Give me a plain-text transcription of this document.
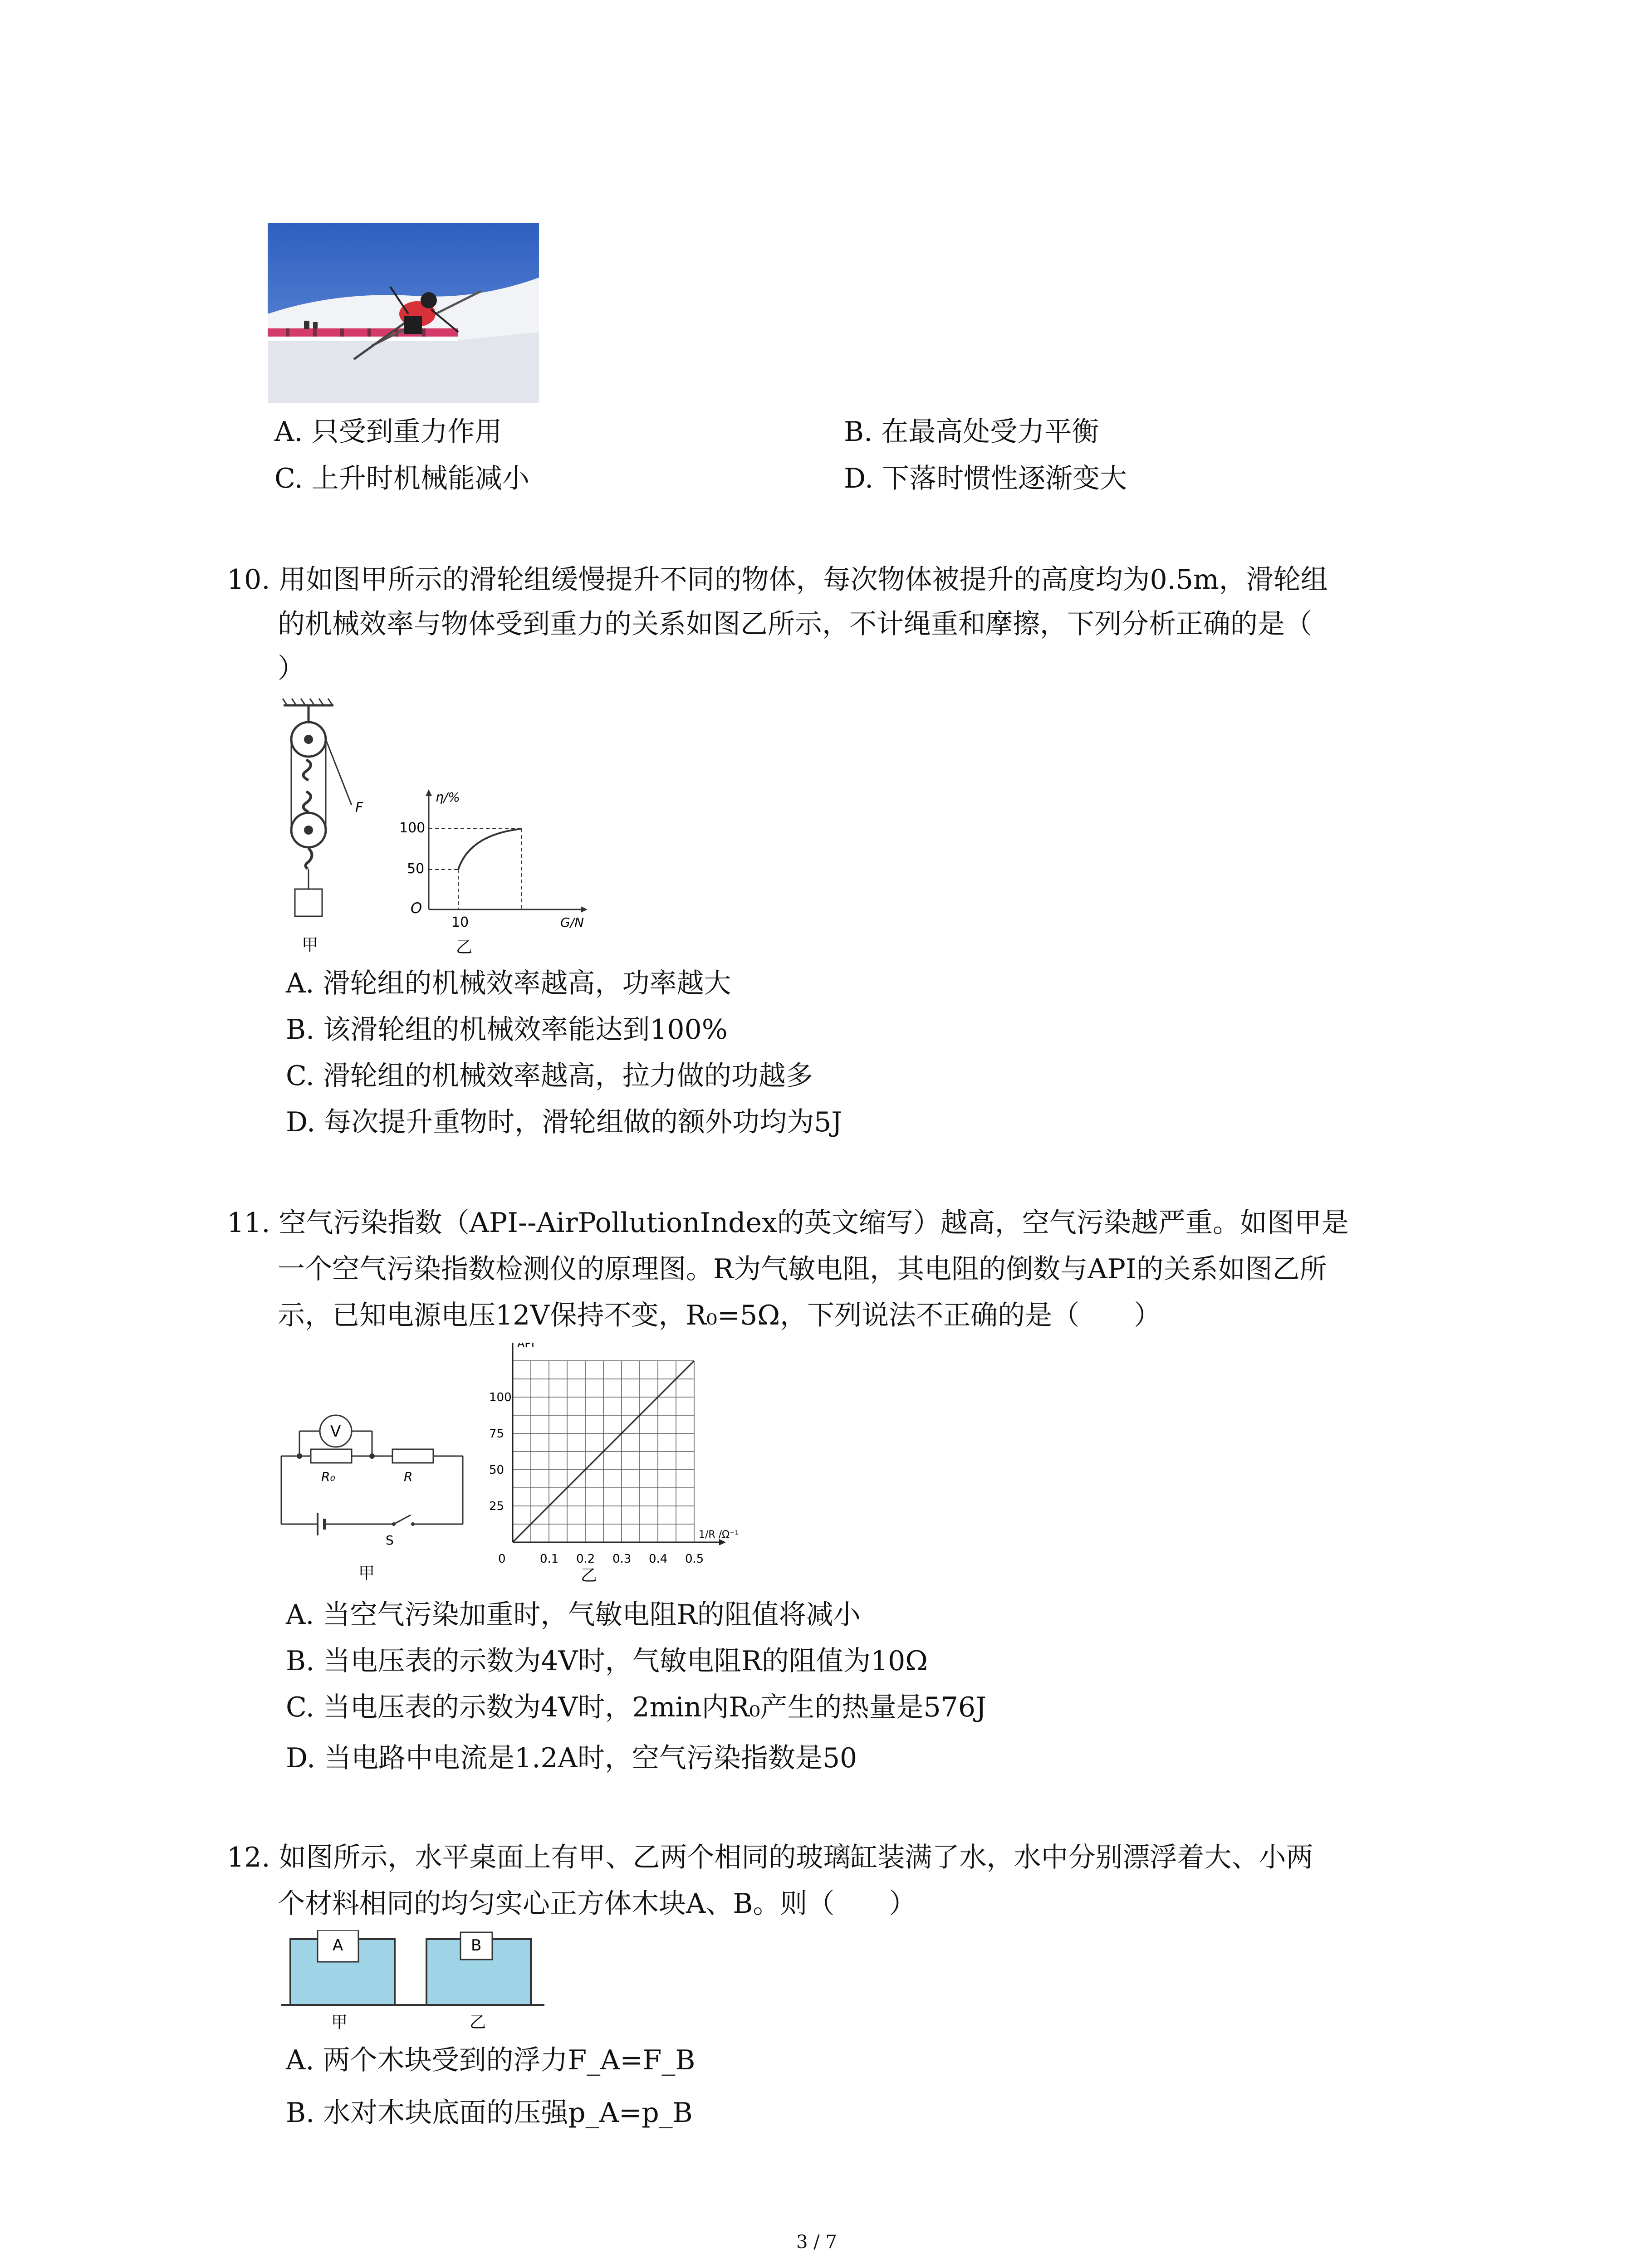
A. 只受到重力作用	B. 在最高处受力平衡
C. 上升时机械能减小	D. 下落时惯性逐渐变大
10. 用如图甲所示的滑轮组缓慢提升不同的物体，每次物体被提升的高度均为0.5m，滑轮组
的机械效率与物体受到重力的关系如图乙所示，不计绳重和摩擦，下列分析正确的是（
）
F
甲
η/%
G/N
O
100
50
10
乙
A. 滑轮组的机械效率越高，功率越大
B. 该滑轮组的机械效率能达到100%
C. 滑轮组的机械效率越高，拉力做的功越多
D. 每次提升重物时，滑轮组做的额外功均为5J
11. 空气污染指数（API--AirPollutionIndex的英文缩写）越高，空气污染越严重。如图甲是
一个空气污染指数检测仪的原理图。R为气敏电阻，其电阻的倒数与API的关系如图乙所
示，已知电源电压12V保持不变，R₀=5Ω，下列说法不正确的是（　　）
R₀	R
V
S
甲
API
100
75
50
25
0	0.1 0.2 0.3 0.4 0.5
1/R /Ω⁻¹
乙
A. 当空气污染加重时，气敏电阻R的阻值将减小
B. 当电压表的示数为4V时，气敏电阻R的阻值为10Ω
C. 当电压表的示数为4V时，2min内R₀产生的热量是576J
D. 当电路中电流是1.2A时，空气污染指数是50
12. 如图所示，水平桌面上有甲、乙两个相同的玻璃缸装满了水，水中分别漂浮着大、小两
个材料相同的均匀实心正方体木块A、B。则（　　）
A
甲
B
乙
A. 两个木块受到的浮力F_A=F_B
B. 水对木块底面的压强p_A=p_B
3 / 7
